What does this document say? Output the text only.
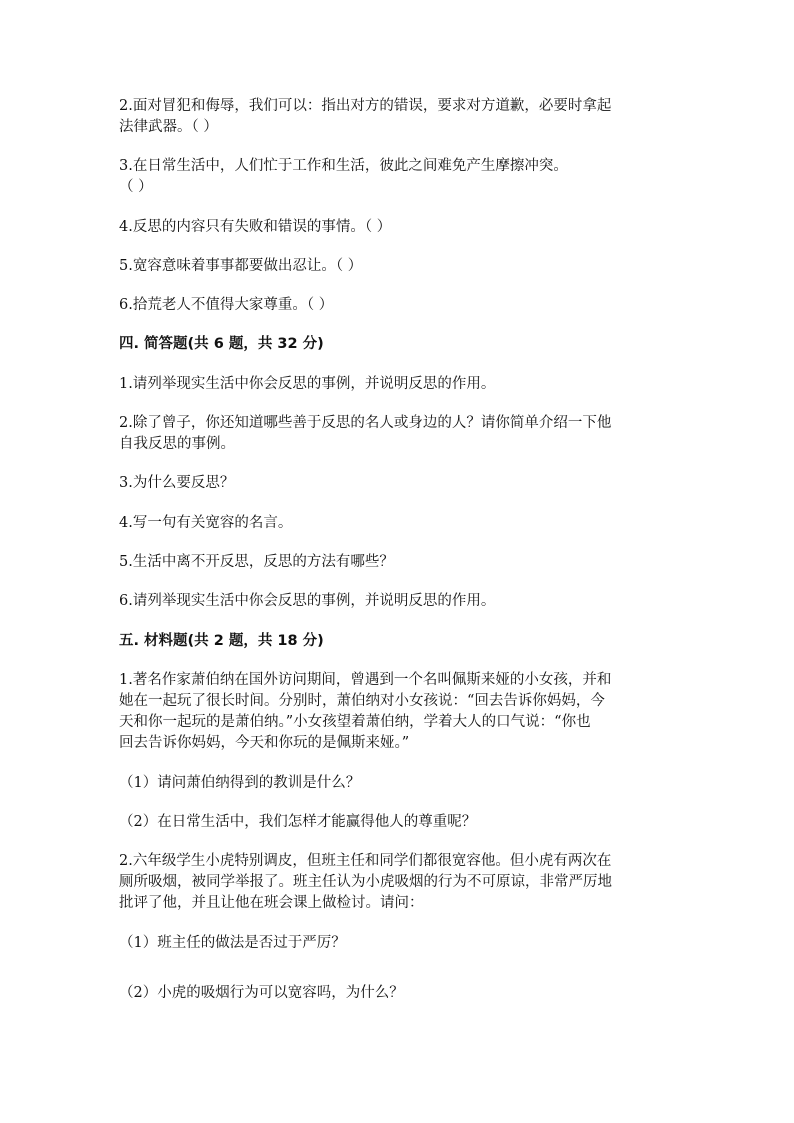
2.面对冒犯和侮辱，我们可以：指出对方的错误，要求对方道歉，必要时拿起
法律武器。（ ）
3.在日常生活中，人们忙于工作和生活，彼此之间难免产生摩擦冲突。
（ ）
4.反思的内容只有失败和错误的事情。（ ）
5.宽容意味着事事都要做出忍让。（ ）
6.拾荒老人不值得大家尊重。（ ）
四. 简答题(共 6 题，共 32 分)
1.请列举现实生活中你会反思的事例，并说明反思的作用。
2.除了曾子，你还知道哪些善于反思的名人或身边的人？请你简单介绍一下他
自我反思的事例。
3.为什么要反思？
4.写一句有关宽容的名言。
5.生活中离不开反思，反思的方法有哪些？
6.请列举现实生活中你会反思的事例，并说明反思的作用。
五. 材料题(共 2 题，共 18 分)
1.著名作家萧伯纳在国外访问期间，曾遇到一个名叫佩斯来娅的小女孩，并和
她在一起玩了很长时间。分别时，萧伯纳对小女孩说：“回去告诉你妈妈，今
天和你一起玩的是萧伯纳。”小女孩望着萧伯纳，学着大人的口气说：“你也
回去告诉你妈妈，今天和你玩的是佩斯来娅。”
（1）请问萧伯纳得到的教训是什么？
（2）在日常生活中，我们怎样才能赢得他人的尊重呢？
2.六年级学生小虎特别调皮，但班主任和同学们都很宽容他。但小虎有两次在
厕所吸烟，被同学举报了。班主任认为小虎吸烟的行为不可原谅，非常严厉地
批评了他，并且让他在班会课上做检讨。请问：
（1）班主任的做法是否过于严厉？
（2）小虎的吸烟行为可以宽容吗，为什么？
